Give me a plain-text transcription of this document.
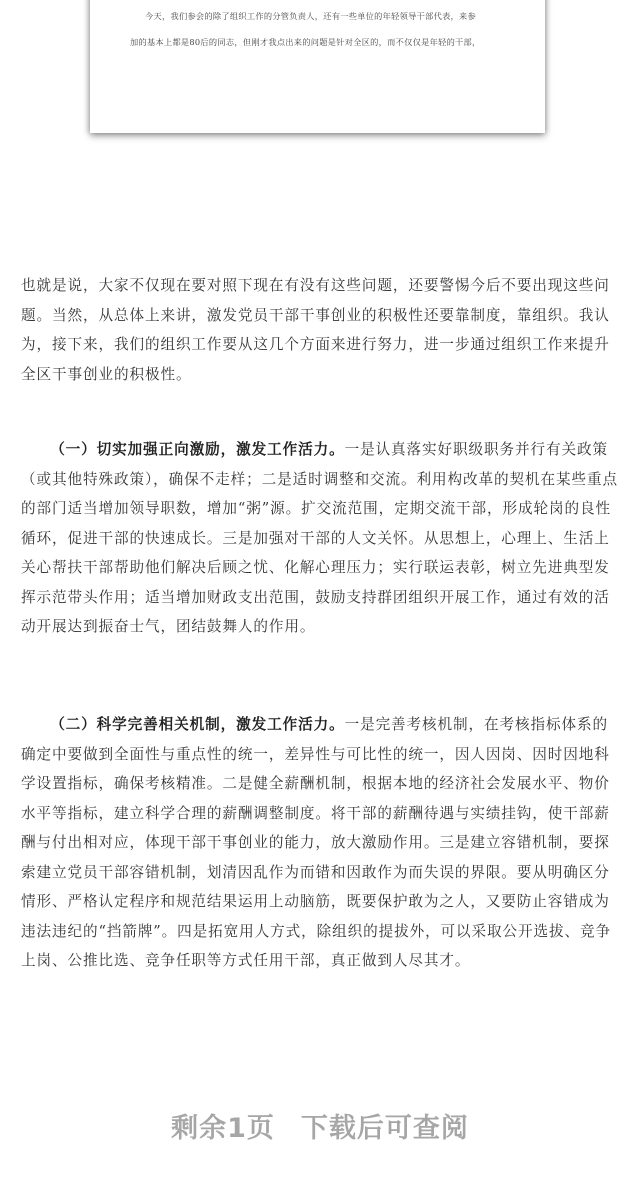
今天，我们参会的除了组织工作的分管负责人，还有一些单位的年轻领导干部代表，来参
加的基本上都是80后的同志，但刚才我点出来的问题是针对全区的，而不仅仅是年轻的干部，

也就是说，大家不仅现在要对照下现在有没有这些问题，还要警惕今后不要出现这些问题。当然，从总体上来讲，激发党员干部干事创业的积极性还要靠制度，靠组织。我认为，接下来，我们的组织工作要从这几个方面来进行努力，进一步通过组织工作来提升全区干事创业的积极性。

（一）切实加强正向激励，激发工作活力。一是认真落实好职级职务并行有关政策（或其他特殊政策），确保不走样；二是适时调整和交流。利用构改革的契机在某些重点的部门适当增加领导职数，增加“粥”源。扩交流范围，定期交流干部，形成轮岗的良性循环，促进干部的快速成长。三是加强对干部的人文关怀。从思想上，心理上、生活上关心帮扶干部帮助他们解决后顾之忧、化解心理压力；实行联运表彰，树立先进典型发挥示范带头作用；适当增加财政支出范围，鼓励支持群团组织开展工作，通过有效的活动开展达到振奋士气，团结鼓舞人的作用。

（二）科学完善相关机制，激发工作活力。一是完善考核机制，在考核指标体系的确定中要做到全面性与重点性的统一，差异性与可比性的统一，因人因岗、因时因地科学设置指标，确保考核精准。二是健全薪酬机制，根据本地的经济社会发展水平、物价水平等指标，建立科学合理的薪酬调整制度。将干部的薪酬待遇与实绩挂钩，使干部薪酬与付出相对应，体现干部干事创业的能力，放大激励作用。三是建立容错机制，要探索建立党员干部容错机制，划清因乱作为而错和因敢作为而失误的界限。要从明确区分情形、严格认定程序和规范结果运用上动脑筋，既要保护敢为之人，又要防止容错成为违法违纪的“挡箭牌”。四是拓宽用人方式，除组织的提拔外，可以采取公开选拔、竞争上岗、公推比选、竞争任职等方式任用干部，真正做到人尽其才。

剩余1页 下载后可查阅
